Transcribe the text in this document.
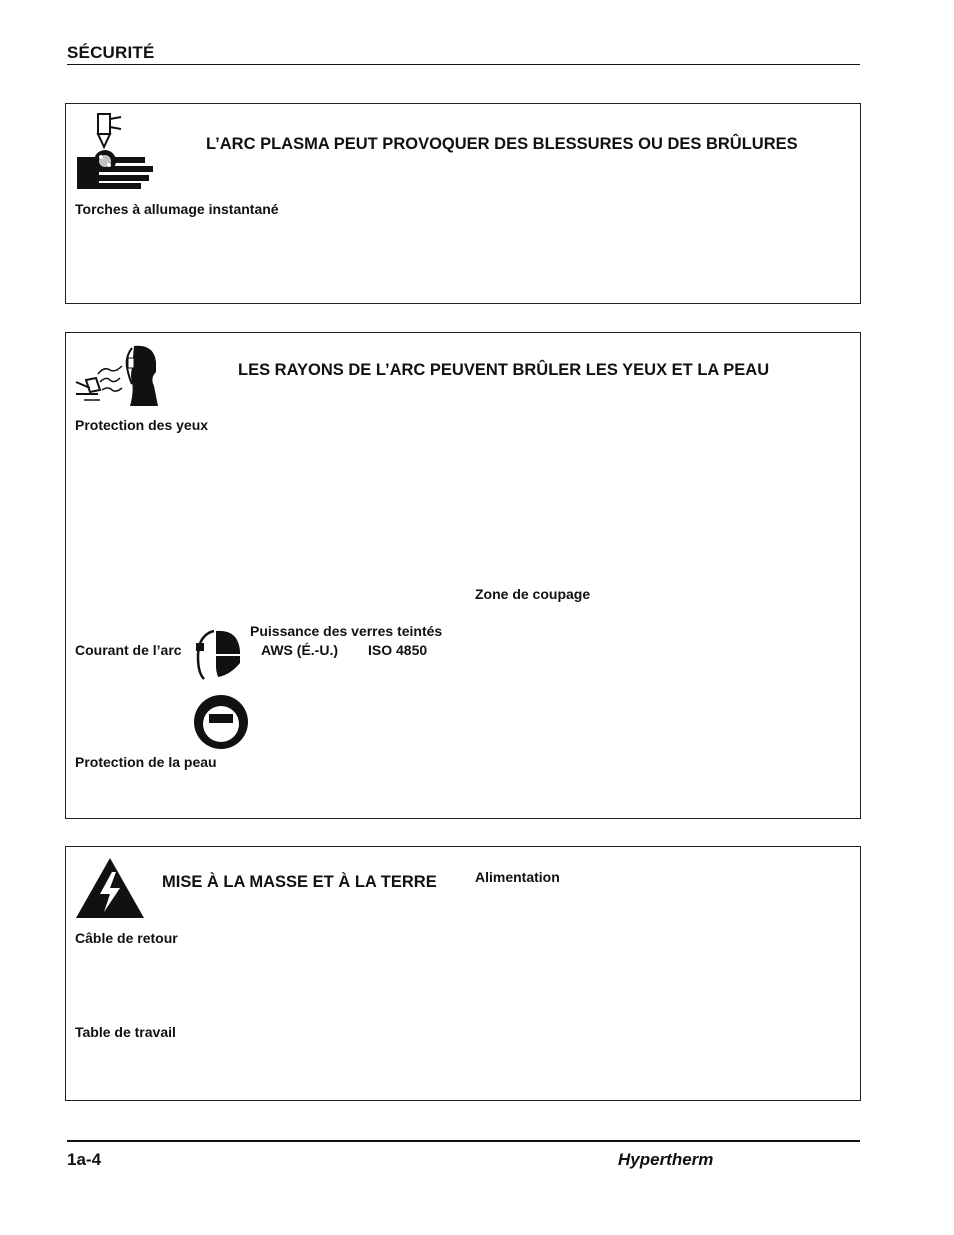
SÉCURITÉ
L’ARC PLASMA PEUT PROVOQUER DES BLESSURES OU DES BRÛLURES
Torches à allumage instantané
LES RAYONS DE L’ARC PEUVENT BRÛLER LES YEUX ET LA PEAU
Protection des yeux
Zone de coupage
Puissance des verres teintés
Courant de l’arc	AWS (É.-U.) ISO 4850
Protection de la peau
MISE À LA MASSE ET À LA TERRE	Alimentation
Câble de retour
Table de travail
1a-4	Hypertherm
